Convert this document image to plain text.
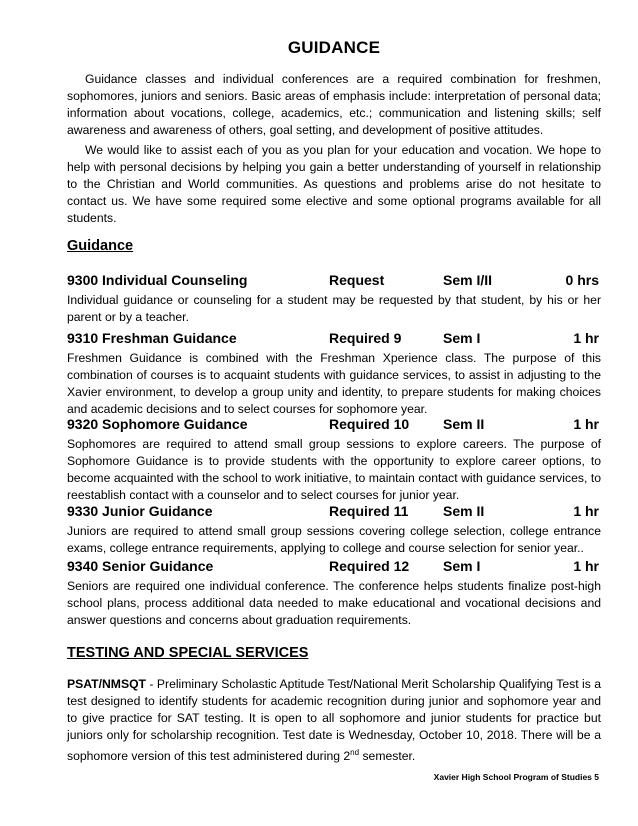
GUIDANCE

Guidance classes and individual conferences are a required combination for freshmen, sophomores, juniors and seniors. Basic areas of emphasis include: interpretation of personal data; information about vocations, college, academics, etc.; communication and listening skills; self awareness and awareness of others, goal setting, and development of positive attitudes.

We would like to assist each of you as you plan for your education and vocation. We hope to help with personal decisions by helping you gain a better understanding of yourself in relationship to the Christian and World communities. As questions and problems arise do not hesitate to contact us. We have some required some elective and some optional programs available for all students.

Guidance
9300 Individual Counseling	Request	Sem I/II	0 hrs

Individual guidance or counseling for a student may be requested by that student, by his or her parent or by a teacher.

9310 Freshman Guidance	Required 9	Sem I	1 hr

Freshmen Guidance is combined with the Freshman Xperience class. The purpose of this combination of courses is to acquaint students with guidance services, to assist in adjusting to the Xavier environment, to develop a group unity and identity, to prepare students for making choices and academic decisions and to select courses for sophomore year.

9320 Sophomore Guidance	Required 10 Sem II	1 hr

Sophomores are required to attend small group sessions to explore careers. The purpose of Sophomore Guidance is to provide students with the opportunity to explore career options, to become acquainted with the school to work initiative, to maintain contact with guidance services, to reestablish contact with a counselor and to select courses for junior year.

9330 Junior Guidance	Required 11 Sem II	1 hr

Juniors are required to attend small group sessions covering college selection, college entrance exams, college entrance requirements, applying to college and course selection for senior year..

9340 Senior Guidance	Required 12 Sem I	1 hr

Seniors are required one individual conference. The conference helps students finalize post-high school plans, process additional data needed to make educational and vocational decisions and answer questions and concerns about graduation requirements.

TESTING AND SPECIAL SERVICES

PSAT/NMSQT - Preliminary Scholastic Aptitude Test/National Merit Scholarship Qualifying Test is a test designed to identify students for academic recognition during junior and sophomore year and to give practice for SAT testing. It is open to all sophomore and junior students for practice but juniors only for scholarship recognition. Test date is Wednesday, October 10, 2018. There will be a sophomore version of this test administered during 2nd semester.

Xavier High School Program of Studies 5
